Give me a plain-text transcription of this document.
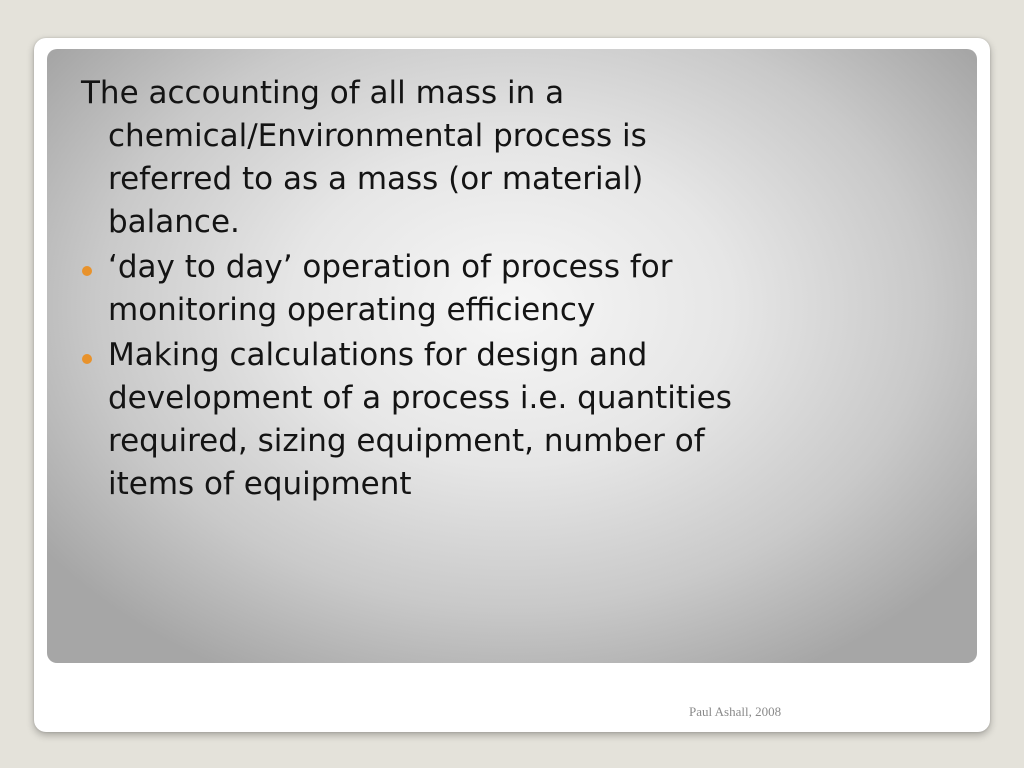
The accounting of all mass in a
chemical/Environmental process is
referred to as a mass (or material)
balance.
‘day to day’ operation of process for
monitoring operating efficiency
Making calculations for design and
development of a process i.e. quantities
required, sizing equipment, number of
items of equipment
Paul Ashall, 2008
